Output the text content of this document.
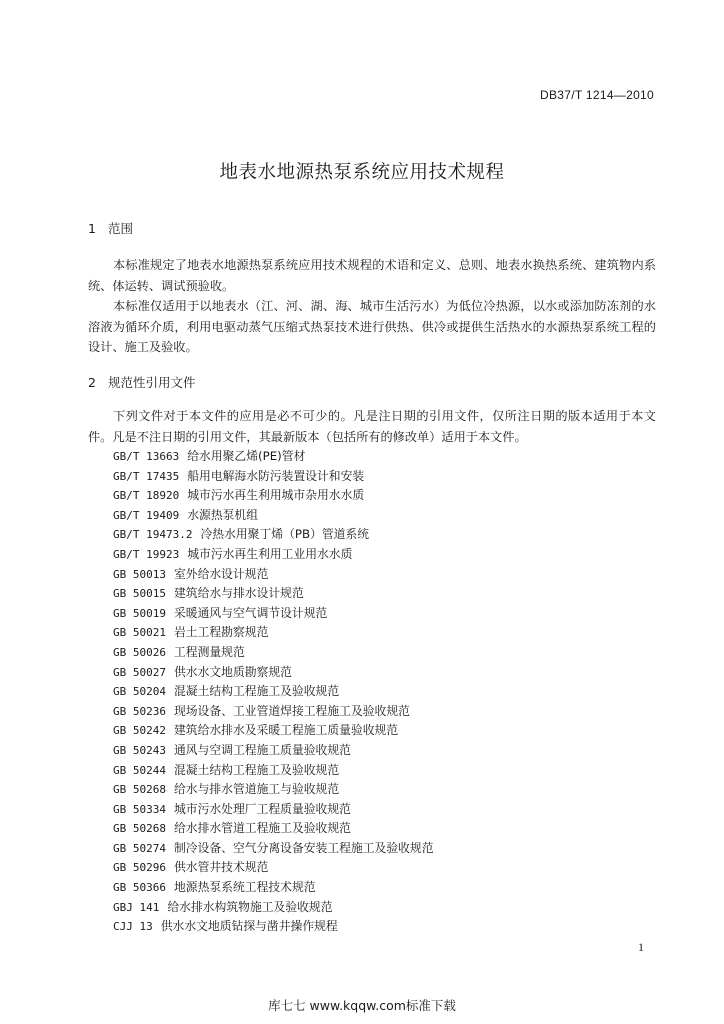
DB37/T 1214—2010
地表水地源热泵系统应用技术规程
1 范围
本标准规定了地表水地源热泵系统应用技术规程的术语和定义、总则、地表水换热系统、建筑物内系统、体运转、调试预验收。
本标准仅适用于以地表水（江、河、湖、海、城市生活污水）为低位冷热源，以水或添加防冻剂的水溶液为循环介质，利用电驱动蒸气压缩式热泵技术进行供热、供冷或提供生活热水的水源热泵系统工程的设计、施工及验收。
2 规范性引用文件
下列文件对于本文件的应用是必不可少的。凡是注日期的引用文件，仅所注日期的版本适用于本文件。凡是不注日期的引用文件，其最新版本（包括所有的修改单）适用于本文件。
GB/T 13663 给水用聚乙烯(PE)管材
GB/T 17435 船用电解海水防污装置设计和安装
GB/T 18920 城市污水再生利用城市杂用水水质
GB/T 19409 水源热泵机组
GB/T 19473.2 冷热水用聚丁烯（PB）管道系统
GB/T 19923 城市污水再生利用工业用水水质
GB 50013 室外给水设计规范
GB 50015 建筑给水与排水设计规范
GB 50019 采暖通风与空气调节设计规范
GB 50021 岩土工程勘察规范
GB 50026 工程测量规范
GB 50027 供水水文地质勘察规范
GB 50204 混凝土结构工程施工及验收规范
GB 50236 现场设备、工业管道焊接工程施工及验收规范
GB 50242 建筑给水排水及采暖工程施工质量验收规范
GB 50243 通风与空调工程施工质量验收规范
GB 50244 混凝土结构工程施工及验收规范
GB 50268 给水与排水管道施工与验收规范
GB 50334 城市污水处理厂工程质量验收规范
GB 50268 给水排水管道工程施工及验收规范
GB 50274 制冷设备、空气分离设备安装工程施工及验收规范
GB 50296 供水管井技术规范
GB 50366 地源热泵系统工程技术规范
GBJ 141 给水排水构筑物施工及验收规范
CJJ 13 供水水文地质钻探与凿井操作规程
1
库七七 www.kqqw.com标准下载
